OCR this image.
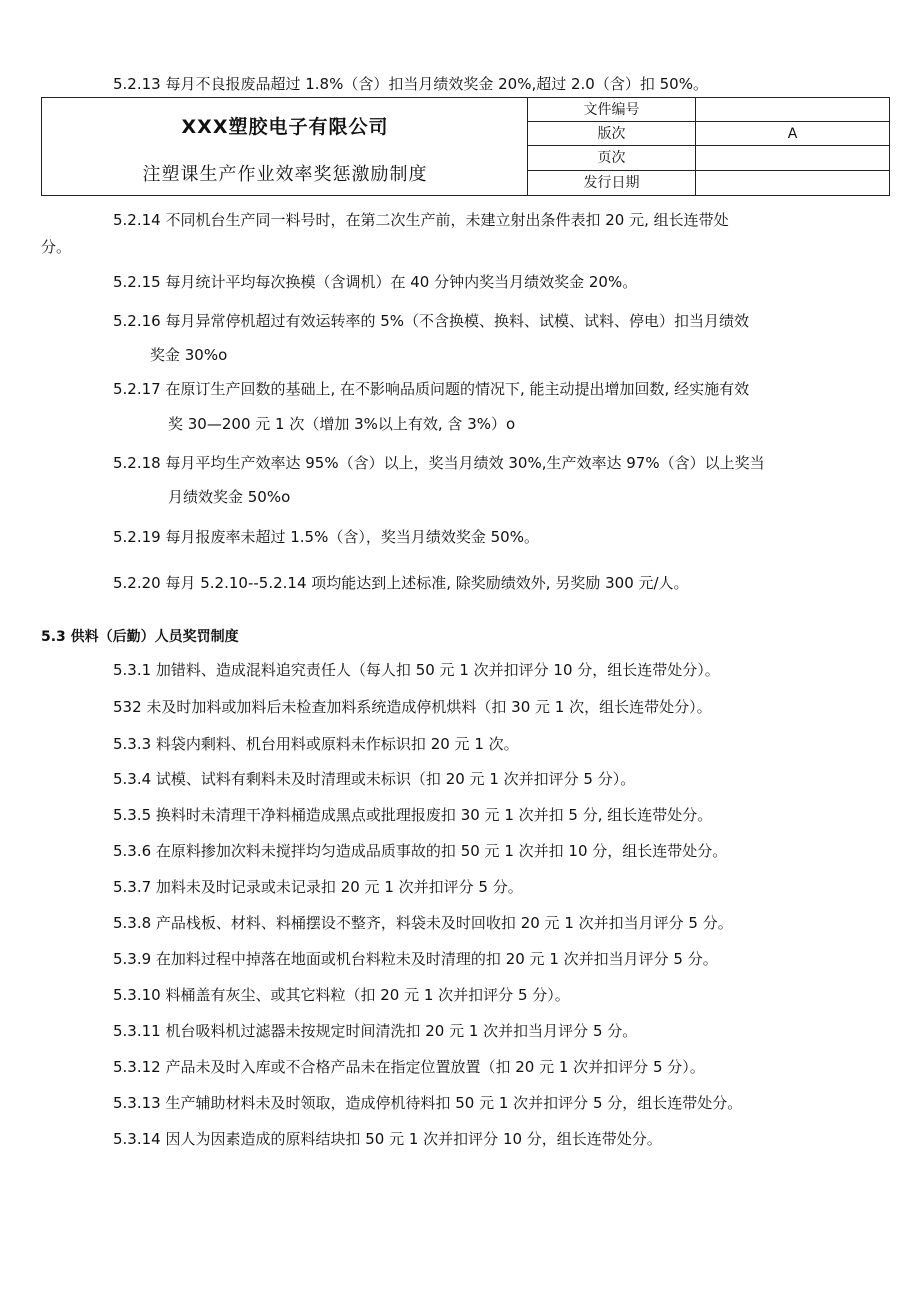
5.2.13 每月不良报废品超过 1.8%（含）扣当月绩效奖金 20%,超过 2.0（含）扣 50%。
XXX塑胶电子有限公司
注塑课生产作业效率奖惩激励制度
文件编号
版次	A
页次
发行日期
5.2.14 不同机台生产同一料号时，在第二次生产前，未建立射出条件表扣 20 元, 组长连带处
分。
5.2.15 每月统计平均每次换模（含调机）在 40 分钟内奖当月绩效奖金 20%。
5.2.16 每月异常停机超过有效运转率的 5%（不含换模、换料、试模、试料、停电）扣当月绩效
奖金 30%o
5.2.17 在原订生产回数的基础上, 在不影响品质问题的情况下, 能主动提出增加回数, 经实施有效
奖 30—200 元 1 次（增加 3%以上有效, 含 3%）o
5.2.18 每月平均生产效率达 95%（含）以上，奖当月绩效 30%,生产效率达 97%（含）以上奖当
月绩效奖金 50%o
5.2.19 每月报废率未超过 1.5%（含），奖当月绩效奖金 50%。
5.2.20 每月 5.2.10--5.2.14 项均能达到上述标准, 除奖励绩效外, 另奖励 300 元/人。
5.3 供料（后勤）人员奖罚制度
5.3.1 加错料、造成混料追究责任人（每人扣 50 元 1 次并扣评分 10 分，组长连带处分）。
532 未及时加料或加料后未检查加料系统造成停机烘料（扣 30 元 1 次，组长连带处分）。
5.3.3 料袋内剩料、机台用料或原料未作标识扣 20 元 1 次。
5.3.4 试模、试料有剩料未及时清理或未标识（扣 20 元 1 次并扣评分 5 分）。
5.3.5 换料时未清理干净料桶造成黑点或批理报废扣 30 元 1 次并扣 5 分, 组长连带处分。
5.3.6 在原料掺加次料未搅拌均匀造成品质事故的扣 50 元 1 次并扣 10 分，组长连带处分。
5.3.7 加料未及时记录或未记录扣 20 元 1 次并扣评分 5 分。
5.3.8 产品栈板、材料、料桶摆设不整齐，料袋未及时回收扣 20 元 1 次并扣当月评分 5 分。
5.3.9 在加料过程中掉落在地面或机台料粒未及时清理的扣 20 元 1 次并扣当月评分 5 分。
5.3.10 料桶盖有灰尘、或其它料粒（扣 20 元 1 次并扣评分 5 分）。
5.3.11 机台吸料机过滤器未按规定时间清洗扣 20 元 1 次并扣当月评分 5 分。
5.3.12 产品未及时入库或不合格产品未在指定位置放置（扣 20 元 1 次并扣评分 5 分）。
5.3.13 生产辅助材料未及时领取，造成停机待料扣 50 元 1 次并扣评分 5 分，组长连带处分。
5.3.14 因人为因素造成的原料结块扣 50 元 1 次并扣评分 10 分，组长连带处分。
